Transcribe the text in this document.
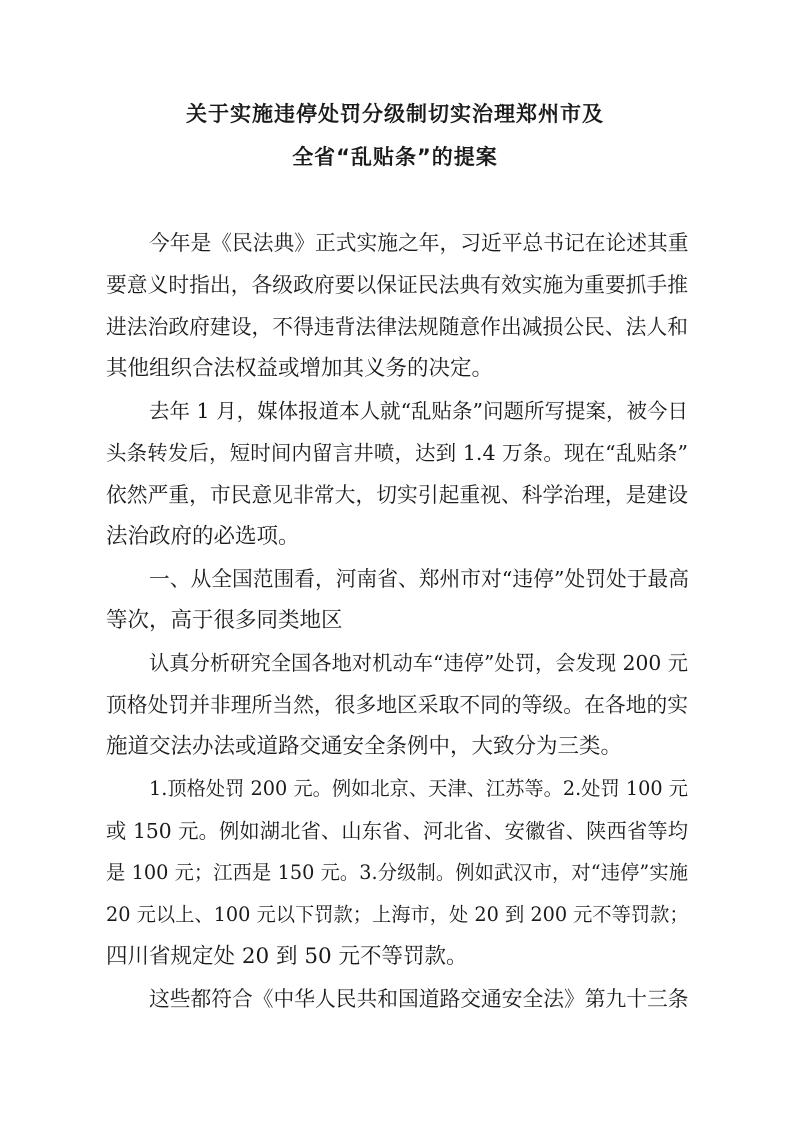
关于实施违停处罚分级制切实治理郑州市及
全省“乱贴条”的提案
今年是《民法典》正式实施之年，习近平总书记在论述其重
要意义时指出，各级政府要以保证民法典有效实施为重要抓手推
进法治政府建设，不得违背法律法规随意作出减损公民、法人和
其他组织合法权益或增加其义务的决定。
去年 1 月，媒体报道本人就“乱贴条”问题所写提案，被今日
头条转发后，短时间内留言井喷，达到 1.4 万条。现在“乱贴条”
依然严重，市民意见非常大，切实引起重视、科学治理，是建设
法治政府的必选项。
一、从全国范围看，河南省、郑州市对“违停”处罚处于最高
等次，高于很多同类地区
认真分析研究全国各地对机动车“违停”处罚，会发现 200 元
顶格处罚并非理所当然，很多地区采取不同的等级。在各地的实
施道交法办法或道路交通安全条例中，大致分为三类。
1.顶格处罚 200 元。例如北京、天津、江苏等。2.处罚 100 元
或 150 元。例如湖北省、山东省、河北省、安徽省、陕西省等均
是 100 元；江西是 150 元。3.分级制。例如武汉市，对“违停”实施
20 元以上、100 元以下罚款；上海市，处 20 到 200 元不等罚款；
四川省规定处 20 到 50 元不等罚款。
这些都符合《中华人民共和国道路交通安全法》第九十三条
